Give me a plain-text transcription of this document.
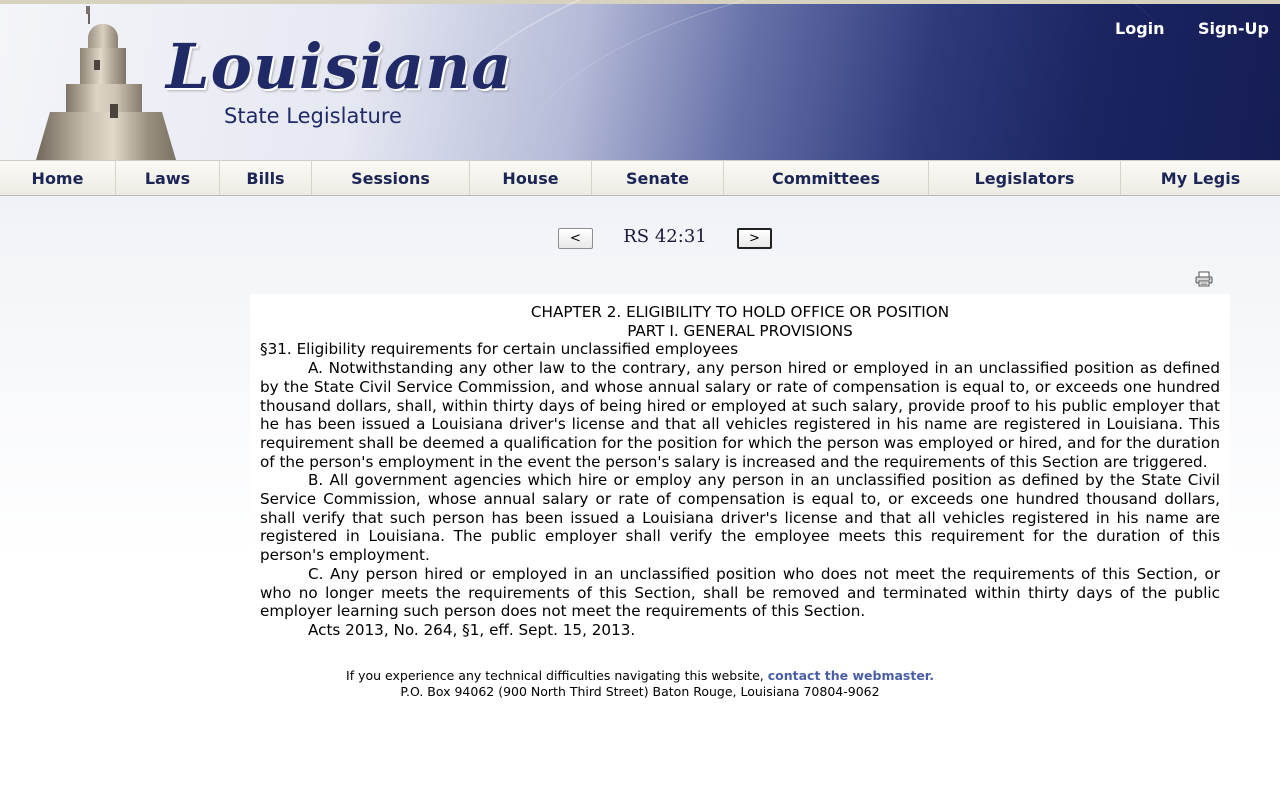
Louisiana
State Legislature
Login Sign-Up
Home	Laws	Bills	Sessions	House	Senate	Committees	Legislators	My Legis
<	RS 42:31	>

CHAPTER 2. ELIGIBILITY TO HOLD OFFICE OR POSITION

PART I. GENERAL PROVISIONS

§31. Eligibility requirements for certain unclassified employees

A. Notwithstanding any other law to the contrary, any person hired or employed in an unclassified position as defined by the State Civil Service Commission, and whose annual salary or rate of compensation is equal to, or exceeds one hundred thousand dollars, shall, within thirty days of being hired or employed at such salary, provide proof to his public employer that he has been issued a Louisiana driver's license and that all vehicles registered in his name are registered in Louisiana. This requirement shall be deemed a qualification for the position for which the person was employed or hired, and for the duration of the person's employment in the event the person's salary is increased and the requirements of this Section are triggered.

B. All government agencies which hire or employ any person in an unclassified position as defined by the State Civil Service Commission, whose annual salary or rate of compensation is equal to, or exceeds one hundred thousand dollars, shall verify that such person has been issued a Louisiana driver's license and that all vehicles registered in his name are registered in Louisiana. The public employer shall verify the employee meets this requirement for the duration of this person's employment.

C. Any person hired or employed in an unclassified position who does not meet the requirements of this Section, or who no longer meets the requirements of this Section, shall be removed and terminated within thirty days of the public employer learning such person does not meet the requirements of this Section.

Acts 2013, No. 264, §1, eff. Sept. 15, 2013.

If you experience any technical difficulties navigating this website, contact the webmaster.
P.O. Box 94062 (900 North Third Street) Baton Rouge, Louisiana 70804-9062
